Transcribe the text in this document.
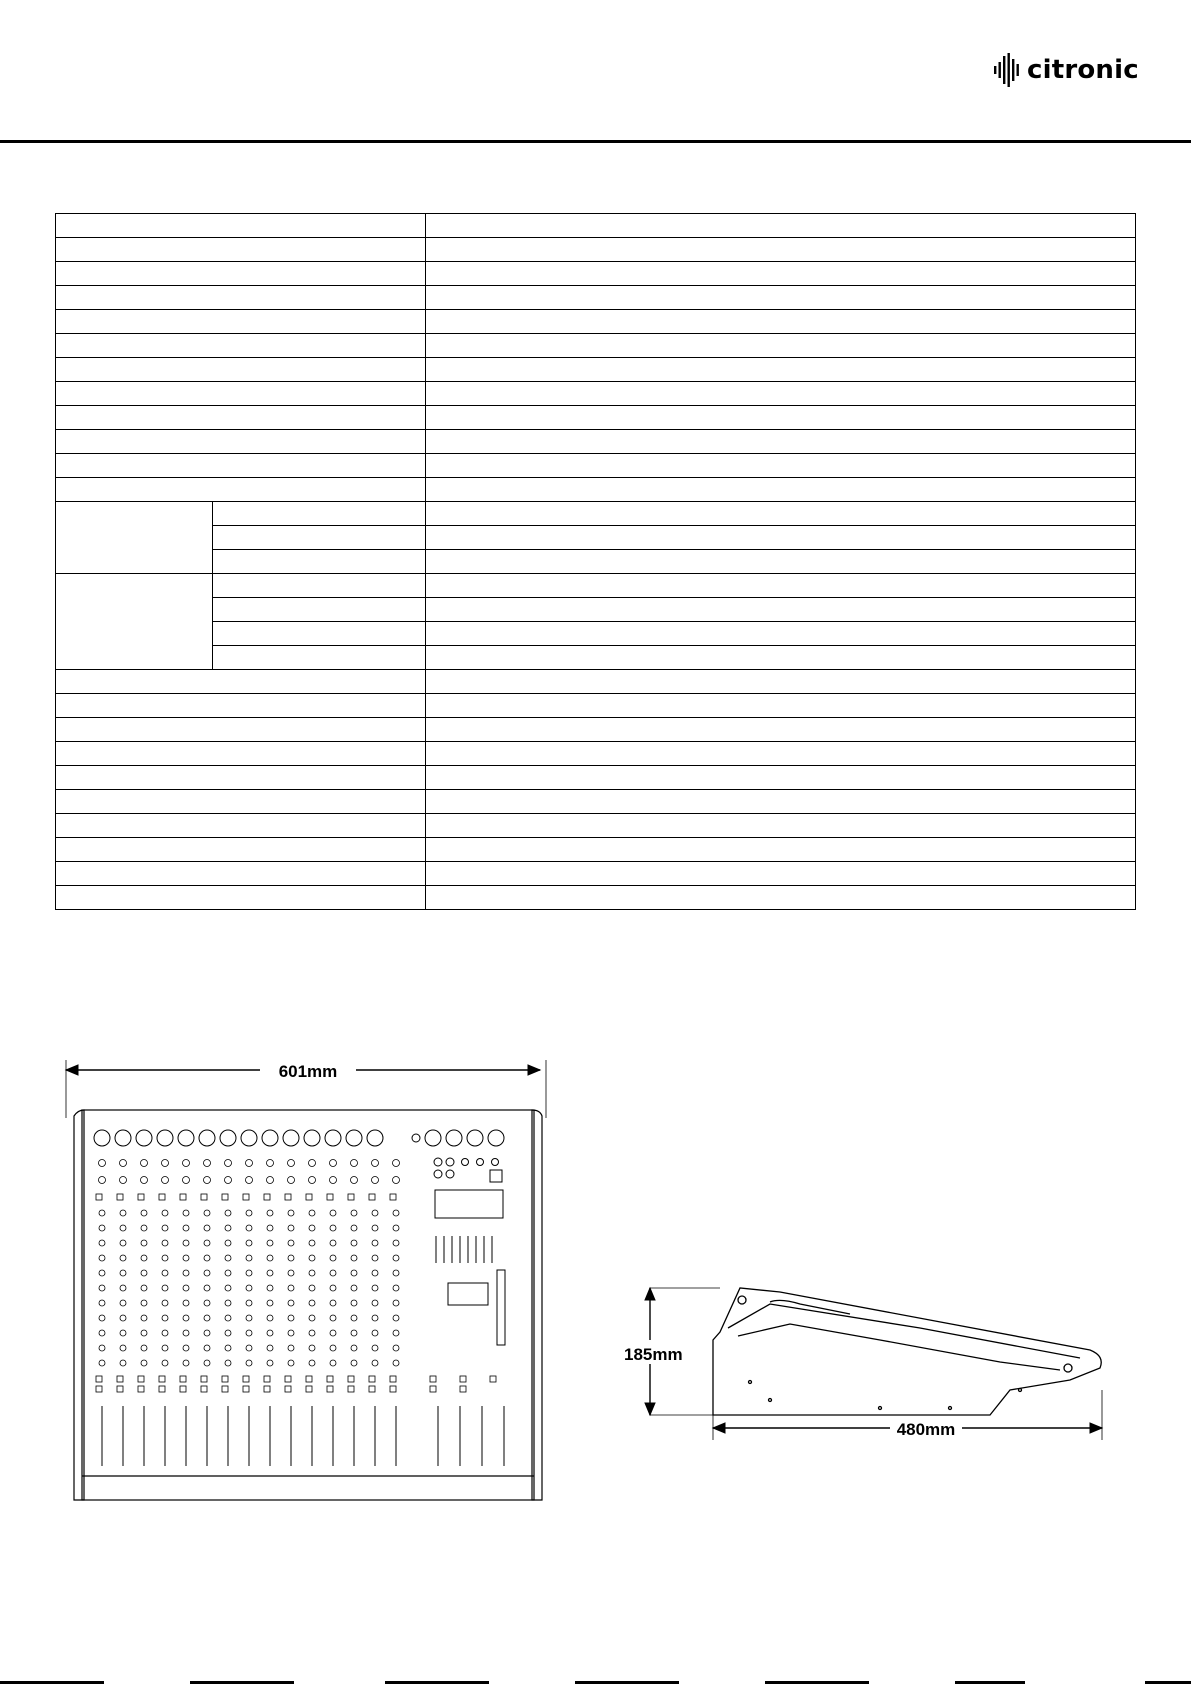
citronic

601mm
185mm
480mm
